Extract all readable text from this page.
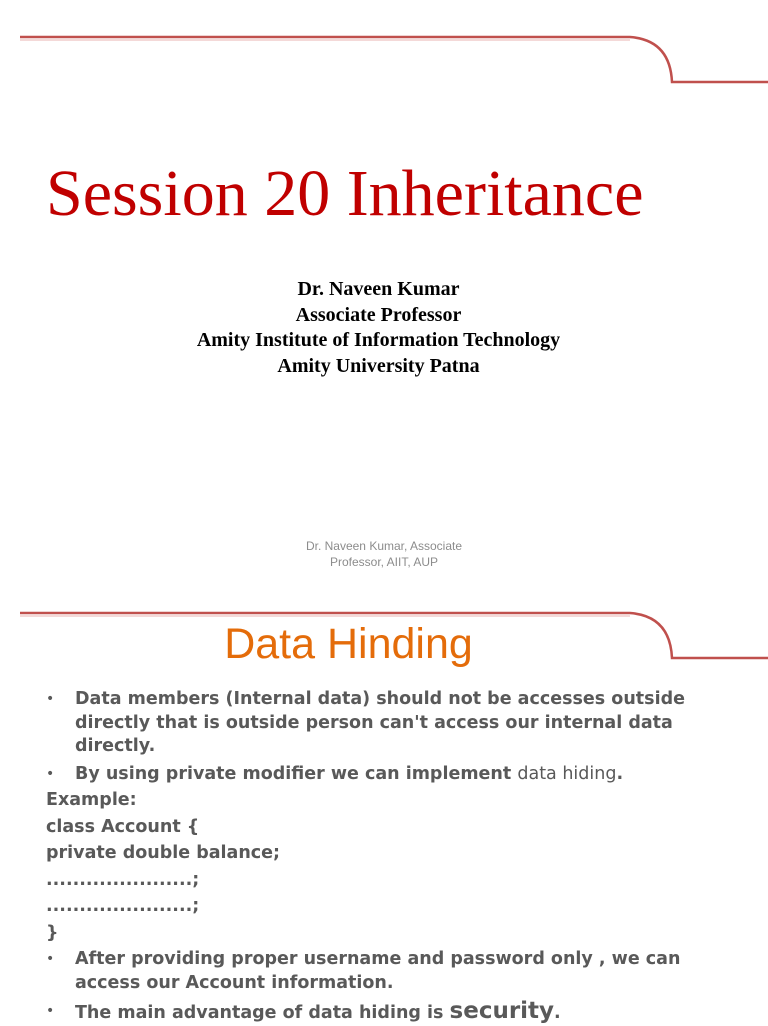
Session 20 Inheritance
Dr. Naveen Kumar
Associate Professor
Amity Institute of Information Technology
Amity University Patna
Dr. Naveen Kumar, Associate
Professor, AIIT, AUP
Data Hinding
• Data members (Internal data) should not be accesses outside directly that is outside person can't access our internal data directly.
• By using private modifier we can implement data hiding.
Example:
class Account {
private double balance;
......................;
......................;
}
• After providing proper username and password only , we can access our Account information.
• The main advantage of data hiding is security.
